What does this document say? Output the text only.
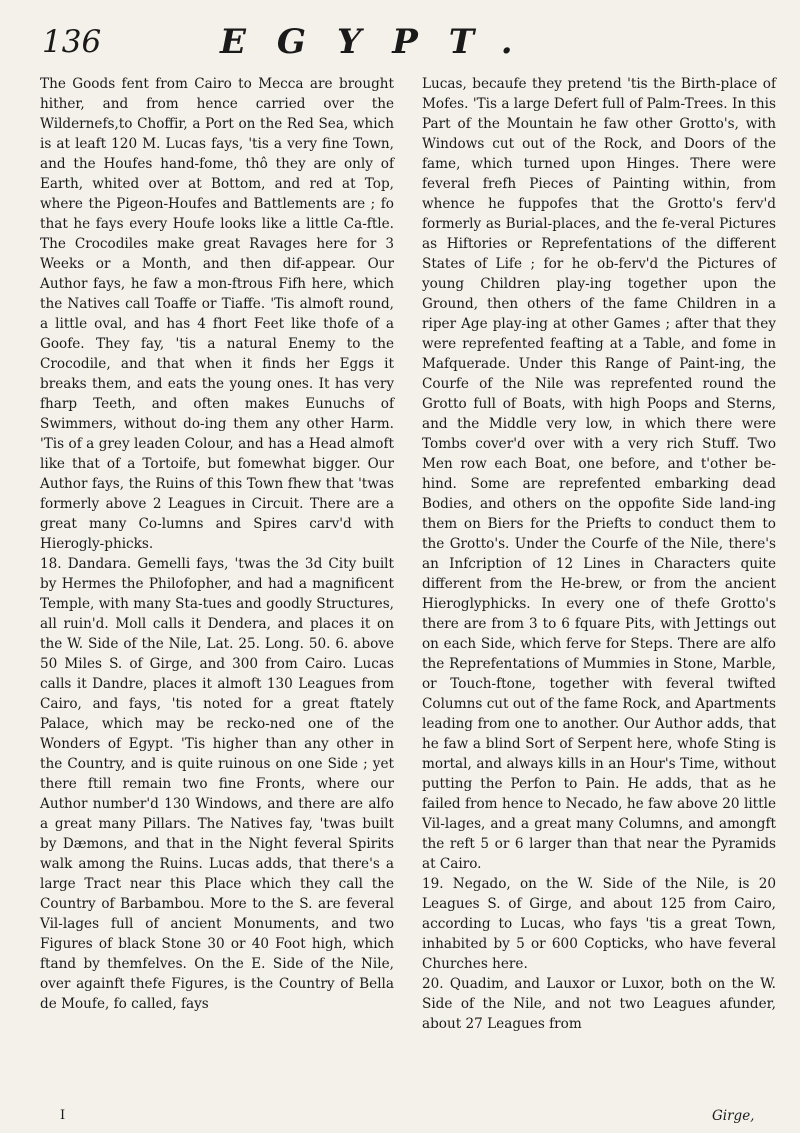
136	EGYPT.

The Goods fent from Cairo to Mecca are brought hither, and from hence carried over the Wildernefs,to Choffir, a Port on the Red Sea, which is at leaft 120 M. Lucas fays, 'tis a very fine Town, and the Houfes hand-fome, thô they are only of Earth, whited over at Bottom, and red at Top, where the Pigeon-Houfes and Battlements are ; fo that he fays every Houfe looks like a little Ca-ftle. The Crocodiles make great Ravages here for 3 Weeks or a Month, and then dif-appear. Our Author fays, he faw a mon-ftrous Fifh here, which the Natives call Toaffe or Tiaffe. 'Tis almoft round, a little oval, and has 4 fhort Feet like thofe of a Goofe. They fay, 'tis a natural Enemy to the Crocodile, and that when it finds her Eggs it breaks them, and eats the young ones. It has very fharp Teeth, and often makes Eunuchs of Swimmers, without do-ing them any other Harm. 'Tis of a grey leaden Colour, and has a Head almoft like that of a Tortoife, but fomewhat bigger. Our Author fays, the Ruins of this Town fhew that 'twas formerly above 2 Leagues in Circuit. There are a great many Co-lumns and Spires carv'd with Hierogly-phicks.

18. Dandara. Gemelli fays, 'twas the 3d City built by Hermes the Philofopher, and had a magnificent Temple, with many Sta-tues and goodly Structures, all ruin'd. Moll calls it Dendera, and places it on the W. Side of the Nile, Lat. 25. Long. 50. 6. above 50 Miles S. of Girge, and 300 from Cairo. Lucas calls it Dandre, places it almoft 130 Leagues from Cairo, and fays, 'tis noted for a great ftately Palace, which may be recko-ned one of the Wonders of Egypt. 'Tis higher than any other in the Country, and is quite ruinous on one Side ; yet there ftill remain two fine Fronts, where our Author number'd 130 Windows, and there are alfo a great many Pillars. The Natives fay, 'twas built by Dæmons, and that in the Night feveral Spirits walk among the Ruins. Lucas adds, that there's a large Tract near this Place which they call the Country of Barbambou. More to the S. are feveral Vil-lages full of ancient Monuments, and two Figures of black Stone 30 or 40 Foot high, which ftand by themfelves. On the E. Side of the Nile, over againft thefe Figures, is the Country of Bella de Moufe, fo called, fays

Lucas, becaufe they pretend 'tis the Birth-place of Mofes. 'Tis a large Defert full of Palm-Trees. In this Part of the Mountain he faw other Grotto's, with Windows cut out of the Rock, and Doors of the fame, which turned upon Hinges. There were feveral frefh Pieces of Painting within, from whence he fuppofes that the Grotto's ferv'd formerly as Burial-places, and the fe-veral Pictures as Hiftories or Reprefentations of the different States of Life ; for he ob-ferv'd the Pictures of young Children play-ing together upon the Ground, then others of the fame Children in a riper Age play-ing at other Games ; after that they were reprefented feafting at a Table, and fome in Mafquerade. Under this Range of Paint-ing, the Courfe of the Nile was reprefented round the Grotto full of Boats, with high Poops and Sterns, and the Middle very low, in which there were Tombs cover'd over with a very rich Stuff. Two Men row each Boat, one before, and t'other be-hind. Some are reprefented embarking dead Bodies, and others on the oppofite Side land-ing them on Biers for the Priefts to conduct them to the Grotto's. Under the Courfe of the Nile, there's an Infcription of 12 Lines in Characters quite different from the He-brew, or from the ancient Hieroglyphicks. In every one of thefe Grotto's there are from 3 to 6 fquare Pits, with Jettings out on each Side, which ferve for Steps. There are alfo the Reprefentations of Mummies in Stone, Marble, or Touch-ftone, together with feveral twifted Columns cut out of the fame Rock, and Apartments leading from one to another. Our Author adds, that he faw a blind Sort of Serpent here, whofe Sting is mortal, and always kills in an Hour's Time, without putting the Perfon to Pain. He adds, that as he failed from hence to Necado, he faw above 20 little Vil-lages, and a great many Columns, and amongft the reft 5 or 6 larger than that near the Pyramids at Cairo.

19. Negado, on the W. Side of the Nile, is 20 Leagues S. of Girge, and about 125 from Cairo, according to Lucas, who fays 'tis a great Town, inhabited by 5 or 600 Copticks, who have feveral Churches here.

20. Quadim, and Lauxor or Luxor, both on the W. Side of the Nile, and not two Leagues afunder, about 27 Leagues from

I	Girge,
